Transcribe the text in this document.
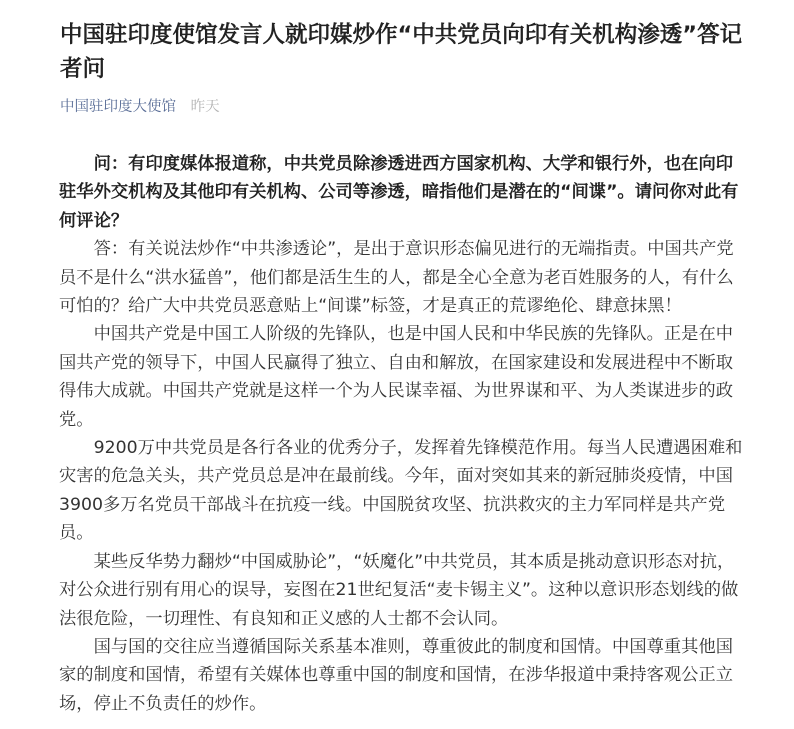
中国驻印度使馆发言人就印媒炒作“中共党员向印有关机构渗透”答记者问
中国驻印度大使馆 昨天

问：有印度媒体报道称，中共党员除渗透进西方国家机构、大学和银行外，也在向印驻华外交机构及其他印有关机构、公司等渗透，暗指他们是潜在的“间谍”。请问你对此有何评论？

答：有关说法炒作“中共渗透论”，是出于意识形态偏见进行的无端指责。中国共产党员不是什么“洪水猛兽”，他们都是活生生的人，都是全心全意为老百姓服务的人，有什么可怕的？给广大中共党员恶意贴上“间谍”标签，才是真正的荒谬绝伦、肆意抹黑！

中国共产党是中国工人阶级的先锋队，也是中国人民和中华民族的先锋队。正是在中国共产党的领导下，中国人民赢得了独立、自由和解放，在国家建设和发展进程中不断取得伟大成就。中国共产党就是这样一个为人民谋幸福、为世界谋和平、为人类谋进步的政党。

9200万中共党员是各行各业的优秀分子，发挥着先锋模范作用。每当人民遭遇困难和灾害的危急关头，共产党员总是冲在最前线。今年，面对突如其来的新冠肺炎疫情，中国3900多万名党员干部战斗在抗疫一线。中国脱贫攻坚、抗洪救灾的主力军同样是共产党员。

某些反华势力翻炒“中国威胁论”，“妖魔化”中共党员，其本质是挑动意识形态对抗，对公众进行别有用心的误导，妄图在21世纪复活“麦卡锡主义”。这种以意识形态划线的做法很危险，一切理性、有良知和正义感的人士都不会认同。

国与国的交往应当遵循国际关系基本准则，尊重彼此的制度和国情。中国尊重其他国家的制度和国情，希望有关媒体也尊重中国的制度和国情，在涉华报道中秉持客观公正立场，停止不负责任的炒作。
